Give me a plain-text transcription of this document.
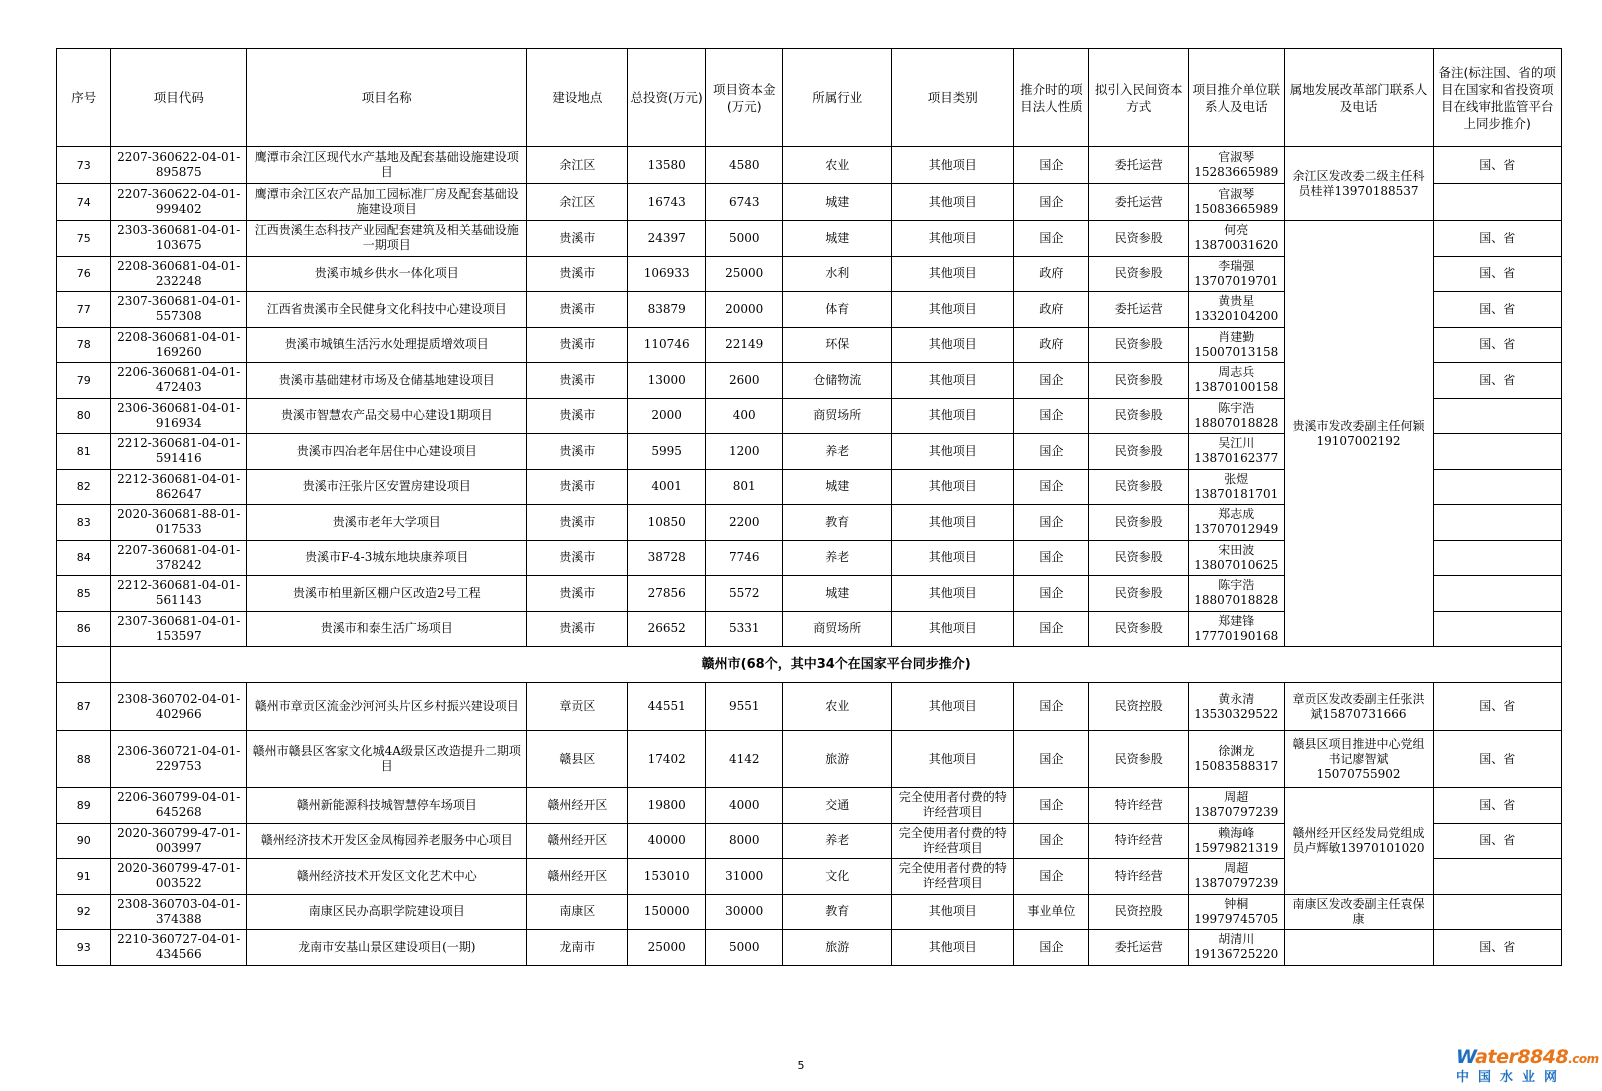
序号	项目代码	项目名称	建设地点	总投资(万元)	项目资本金(万元)	所属行业	项目类别	推介时的项目法人性质	拟引入民间资本方式	项目推介单位联系人及电话	属地发展改革部门联系人及电话	备注(标注国、省的项目在国家和省投资项目在线审批监管平台上同步推介)
73	2207-360622-04-01-895875	鹰潭市余江区现代水产基地及配套基础设施建设项目	余江区	13580	4580	农业	其他项目	国企	委托运营	官淑琴 15283665989	余江区发改委二级主任科员桂祥13970188537	国、省
74	2207-360622-04-01-999402	鹰潭市余江区农产品加工园标准厂房及配套基础设施建设项目	余江区	16743	6743	城建	其他项目	国企	委托运营	官淑琴 15083665989		
75	2303-360681-04-01-103675	江西贵溪生态科技产业园配套建筑及相关基础设施一期项目	贵溪市	24397	5000	城建	其他项目	国企	民资参股	何亮 13870031620	贵溪市发改委副主任何颖 19107002192	国、省
76	2208-360681-04-01-232248	贵溪市城乡供水一体化项目	贵溪市	106933	25000	水利	其他项目	政府	民资参股	李瑞强 13707019701		国、省
77	2307-360681-04-01-557308	江西省贵溪市全民健身文化科技中心建设项目	贵溪市	83879	20000	体育	其他项目	政府	委托运营	黄贵星 13320104200		国、省
78	2208-360681-04-01-169260	贵溪市城镇生活污水处理提质增效项目	贵溪市	110746	22149	环保	其他项目	政府	民资参股	肖建勤 15007013158		国、省
79	2206-360681-04-01-472403	贵溪市基础建材市场及仓储基地建设项目	贵溪市	13000	2600	仓储物流	其他项目	国企	民资参股	周志兵 13870100158		国、省
80	2306-360681-04-01-916934	贵溪市智慧农产品交易中心建设1期项目	贵溪市	2000	400	商贸场所	其他项目	国企	民资参股	陈宇浩 18807018828		
81	2212-360681-04-01-591416	贵溪市四冶老年居住中心建设项目	贵溪市	5995	1200	养老	其他项目	国企	民资参股	吴江川 13870162377		
82	2212-360681-04-01-862647	贵溪市汪张片区安置房建设项目	贵溪市	4001	801	城建	其他项目	国企	民资参股	张煜 13870181701		
83	2020-360681-88-01-017533	贵溪市老年大学项目	贵溪市	10850	2200	教育	其他项目	国企	民资参股	郑志成 13707012949		
84	2207-360681-04-01-378242	贵溪市F-4-3城东地块康养项目	贵溪市	38728	7746	养老	其他项目	国企	民资参股	宋田波 13807010625		
85	2212-360681-04-01-561143	贵溪市柏里新区棚户区改造2号工程	贵溪市	27856	5572	城建	其他项目	国企	民资参股	陈宇浩 18807018828		
86	2307-360681-04-01-153597	贵溪市和泰生活广场项目	贵溪市	26652	5331	商贸场所	其他项目	国企	民资参股	郑建锋 17770190168		
	赣州市(68个，其中34个在国家平台同步推介)											
87	2308-360702-04-01-402966	赣州市章贡区流金沙河河头片区乡村振兴建设项目	章贡区	44551	9551	农业	其他项目	国企	民资控股	黄永清 13530329522	章贡区发改委副主任张洪斌15870731666	国、省
88	2306-360721-04-01-229753	赣州市赣县区客家文化城4A级景区改造提升二期项目	赣县区	17402	4142	旅游	其他项目	国企	民资参股	徐渊龙 15083588317	赣县区项目推进中心党组书记廖智斌15070755902	国、省
89	2206-360799-04-01-645268	赣州新能源科技城智慧停车场项目	赣州经开区	19800	4000	交通	完全使用者付费的特许经营项目	国企	特许经营	周超 13870797239	赣州经开区经发局党组成员卢辉敏13970101020	国、省
90	2020-360799-47-01-003997	赣州经济技术开发区金凤梅园养老服务中心项目	赣州经开区	40000	8000	养老	完全使用者付费的特许经营项目	国企	特许经营	赖海峰 15979821319		国、省
91	2020-360799-47-01-003522	赣州经济技术开发区文化艺术中心	赣州经开区	153010	31000	文化	完全使用者付费的特许经营项目	国企	特许经营	周超 13870797239		
92	2308-360703-04-01-374388	南康区民办高职学院建设项目	南康区	150000	30000	教育	其他项目	事业单位	民资控股	钟桐 19979745705	南康区发改委副主任袁保康	
93	2210-360727-04-01-434566	龙南市安基山景区建设项目(一期)	龙南市	25000	5000	旅游	其他项目	国企	委托运营	胡清川 19136725220		国、省
5	Water8848.com
中国水业网
